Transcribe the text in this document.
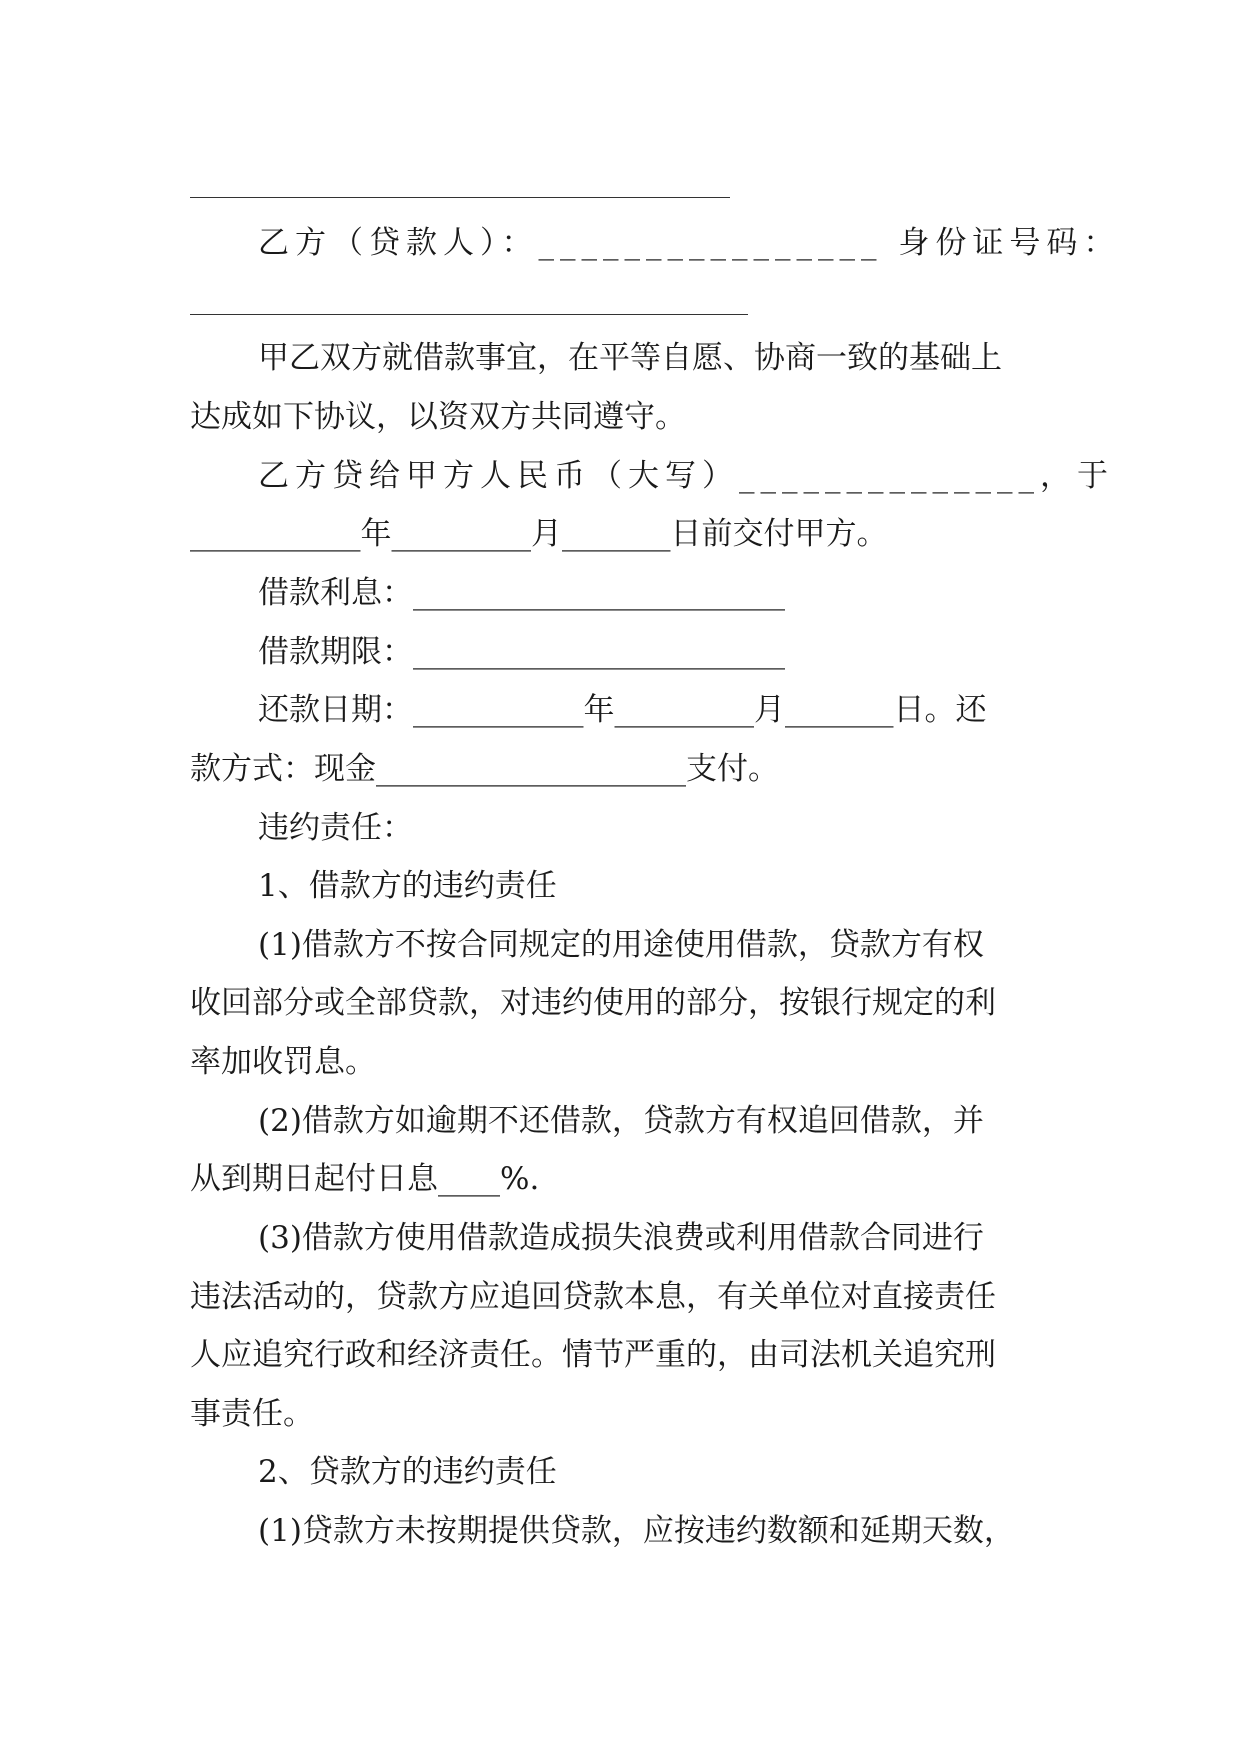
乙方（贷款人）：________________ 身份证号码：
甲乙双方就借款事宜，在平等自愿、协商一致的基础上
达成如下协议，以资双方共同遵守。
乙方贷给甲方人民币（大写）______________，于
___________年_________月_______日前交付甲方。
借款利息：________________________
借款期限：________________________
还款日期：___________年_________月_______日。还
款方式：现金____________________支付。
违约责任：
1、借款方的违约责任
(1)借款方不按合同规定的用途使用借款，贷款方有权
收回部分或全部贷款，对违约使用的部分，按银行规定的利
率加收罚息。
(2)借款方如逾期不还借款，贷款方有权追回借款，并
从到期日起付日息____%.
(3)借款方使用借款造成损失浪费或利用借款合同进行
违法活动的，贷款方应追回贷款本息，有关单位对直接责任
人应追究行政和经济责任。情节严重的，由司法机关追究刑
事责任。
2、贷款方的违约责任
(1)贷款方未按期提供贷款，应按违约数额和延期天数，
